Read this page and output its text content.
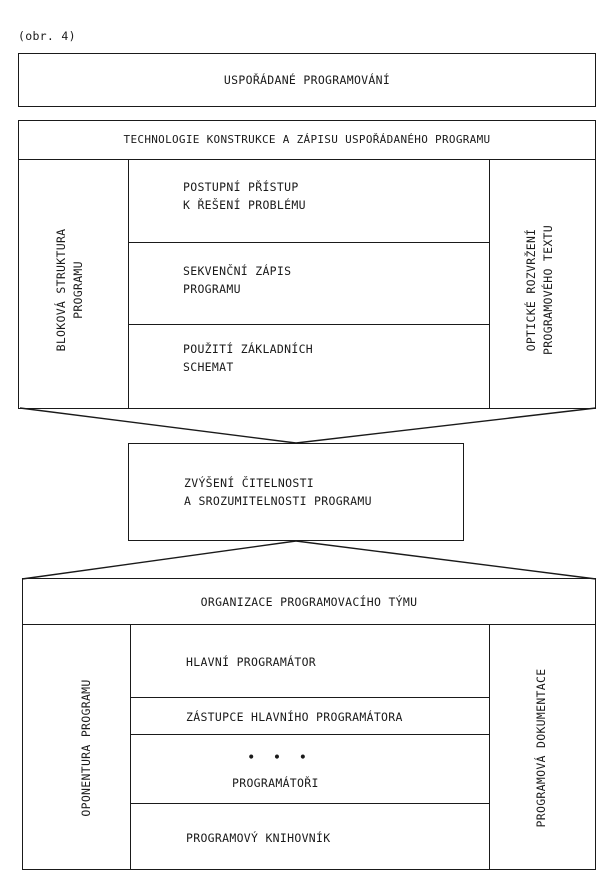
(obr. 4)
USPOŘÁDANÉ PROGRAMOVÁNÍ
TECHNOLOGIE KONSTRUKCE A ZÁPISU USPOŘÁDANÉHO PROGRAMU
POSTUPNÍ PŘÍSTUP
K ŘEŠENÍ PROBLÉMU
SEKVENČNÍ ZÁPIS
PROGRAMU
POUŽITÍ ZÁKLADNÍCH
SCHEMAT
BLOKOVÁ STRUKTURA
PROGRAMU
OPTICKÉ ROZVRŽENÍ
PROGRAMOVÉHO TEXTU
ZVÝŠENÍ ČITELNOSTI
A SROZUMITELNOSTI PROGRAMU
ORGANIZACE PROGRAMOVACÍHO TÝMU
HLAVNÍ PROGRAMÁTOR
ZÁSTUPCE HLAVNÍHO PROGRAMÁTORA
• • •
PROGRAMÁTOŘI
PROGRAMOVÝ KNIHOVNÍK
OPONENTURA PROGRAMU	PROGRAMOVÁ DOKUMENTACE
